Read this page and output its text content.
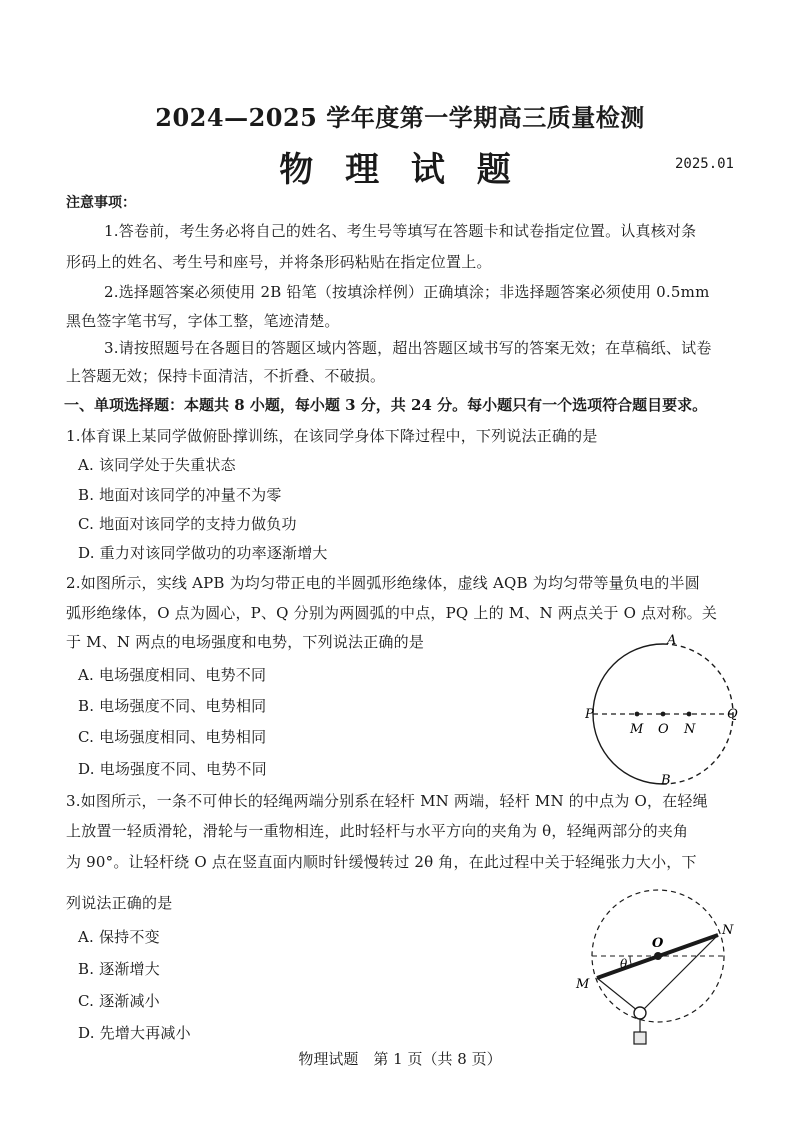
2024—2025 学年度第一学期高三质量检测
物 理 试 题	2025.01
注意事项：
1.答卷前，考生务必将自己的姓名、考生号等填写在答题卡和试卷指定位置。认真核对条
形码上的姓名、考生号和座号，并将条形码粘贴在指定位置上。
2.选择题答案必须使用 2B 铅笔（按填涂样例）正确填涂；非选择题答案必须使用 0.5mm
黑色签字笔书写，字体工整，笔迹清楚。
3.请按照题号在各题目的答题区域内答题，超出答题区域书写的答案无效；在草稿纸、试卷
上答题无效；保持卡面清洁，不折叠、不破损。
一、单项选择题：本题共 8 小题，每小题 3 分，共 24 分。每小题只有一个选项符合题目要求。
1.体育课上某同学做俯卧撑训练，在该同学身体下降过程中，下列说法正确的是
A. 该同学处于失重状态
B. 地面对该同学的冲量不为零
C. 地面对该同学的支持力做负功
D. 重力对该同学做功的功率逐渐增大
2.如图所示，实线 APB 为均匀带正电的半圆弧形绝缘体，虚线 AQB 为均匀带等量负电的半圆
弧形绝缘体，O 点为圆心，P、Q 分别为两圆弧的中点，PQ 上的 M、N 两点关于 O 点对称。关
于 M、N 两点的电场强度和电势，下列说法正确的是
A. 电场强度相同、电势不同
B. 电场强度不同、电势相同
C. 电场强度相同、电势相同
D. 电场强度不同、电势不同
A
B
P	Q
M O N
3.如图所示，一条不可伸长的轻绳两端分别系在轻杆 MN 两端，轻杆 MN 的中点为 O，在轻绳
上放置一轻质滑轮，滑轮与一重物相连，此时轻杆与水平方向的夹角为 θ，轻绳两部分的夹角
为 90°。让轻杆绕 O 点在竖直面内顺时针缓慢转过 2θ 角，在此过程中关于轻绳张力大小，下
列说法正确的是
A. 保持不变
B. 逐渐增大
C. 逐渐减小
D. 先增大再减小
O
N
M
θ
物理试题　第 1 页（共 8 页）
